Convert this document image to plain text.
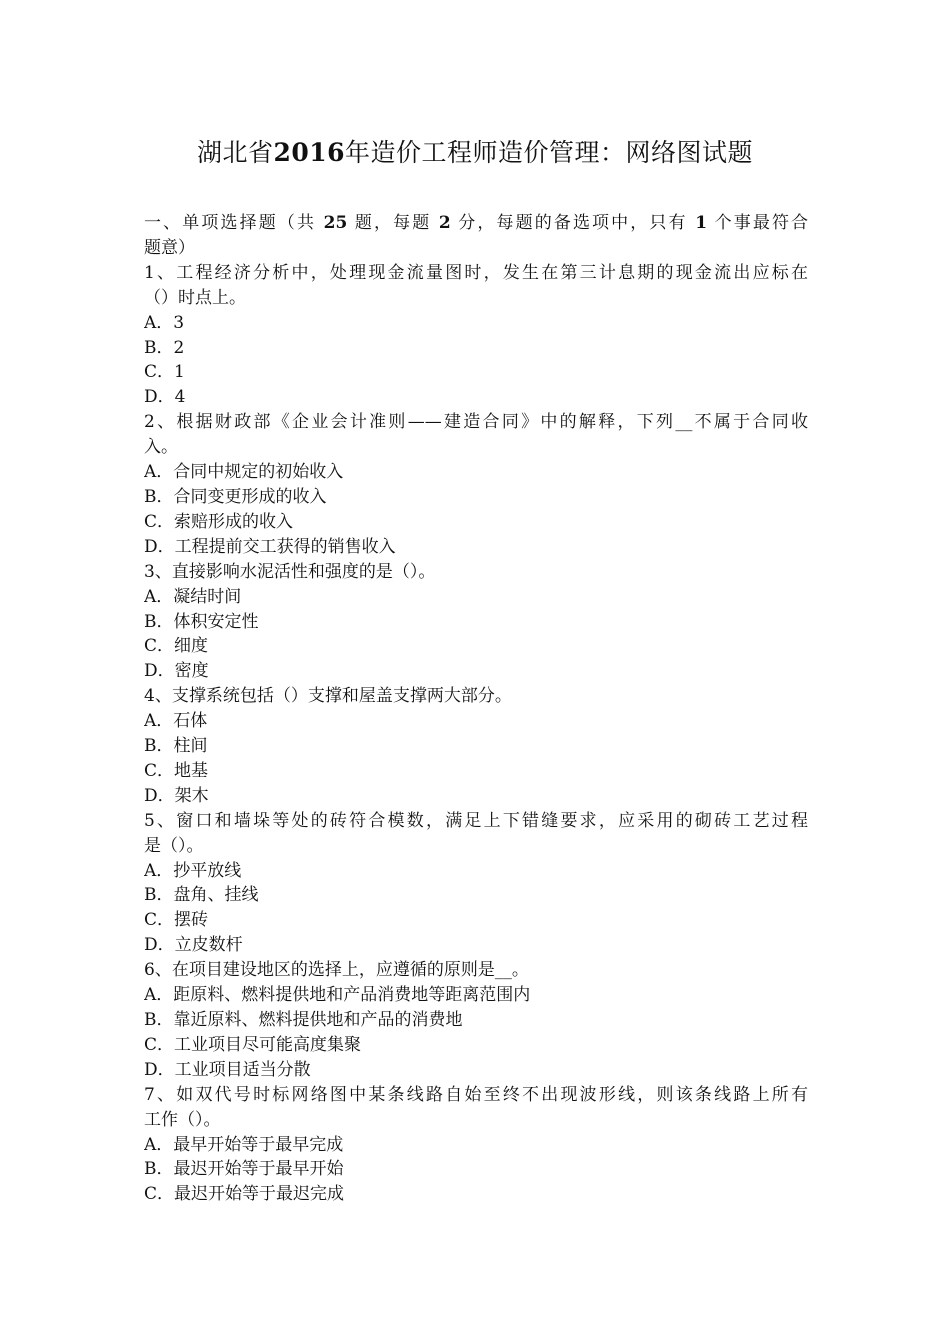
湖北省2016年造价工程师造价管理：网络图试题
一、单项选择题（共 25 题，每题 2 分，每题的备选项中，只有 1 个事最符合
题意）
1、工程经济分析中，处理现金流量图时，发生在第三计息期的现金流出应标在
（）时点上。
A．3
B．2
C．1
D．4
2、根据财政部《企业会计准则——建造合同》中的解释，下列__不属于合同收
入。
A．合同中规定的初始收入
B．合同变更形成的收入
C．索赔形成的收入
D．工程提前交工获得的销售收入
3、直接影响水泥活性和强度的是（）。
A．凝结时间
B．体积安定性
C．细度
D．密度
4、支撑系统包括（）支撑和屋盖支撑两大部分。
A．石体
B．柱间
C．地基
D．架木
5、窗口和墙垛等处的砖符合模数，满足上下错缝要求，应采用的砌砖工艺过程
是（）。
A．抄平放线
B．盘角、挂线
C．摆砖
D．立皮数杆
6、在项目建设地区的选择上，应遵循的原则是__。
A．距原料、燃料提供地和产品消费地等距离范围内
B．靠近原料、燃料提供地和产品的消费地
C．工业项目尽可能高度集聚
D．工业项目适当分散
7、如双代号时标网络图中某条线路自始至终不出现波形线，则该条线路上所有
工作（）。
A．最早开始等于最早完成
B．最迟开始等于最早开始
C．最迟开始等于最迟完成
